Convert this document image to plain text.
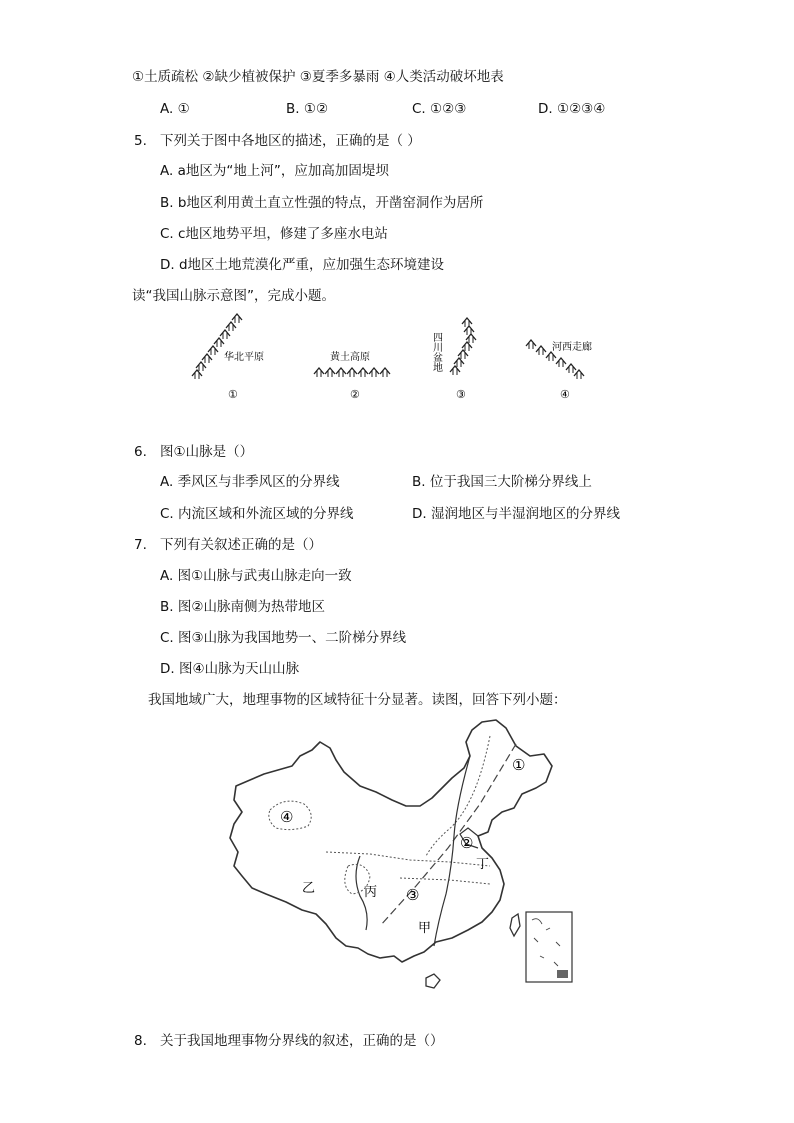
①土质疏松 ②缺少植被保护 ③夏季多暴雨 ④人类活动破坏地表
A. ①	B. ①②	C. ①②③	D. ①②③④
5. 下列关于图中各地区的描述，正确的是（ ）
A. a地区为“地上河”，应加高加固堤坝
B. b地区利用黄土直立性强的特点，开凿窑洞作为居所
C. c地区地势平坦，修建了多座水电站
D. d地区土地荒漠化严重，应加强生态环境建设
读“我国山脉示意图”，完成小题。
华北平原
①
黄土高原
②
四川盆地
③
河西走廊
④
6. 图①山脉是（）
A. 季风区与非季风区的分界线	B. 位于我国三大阶梯分界线上
C. 内流区域和外流区域的分界线	D. 湿润地区与半湿润地区的分界线
7. 下列有关叙述正确的是（）
A. 图①山脉与武夷山脉走向一致
B. 图②山脉南侧为热带地区
C. 图③山脉为我国地势一、二阶梯分界线
D. 图④山脉为天山山脉
我国地域广大，地理事物的区域特征十分显著。读图，回答下列小题：
①
②
③
④
甲
乙	丙
丁
8. 关于我国地理事物分界线的叙述，正确的是（）
